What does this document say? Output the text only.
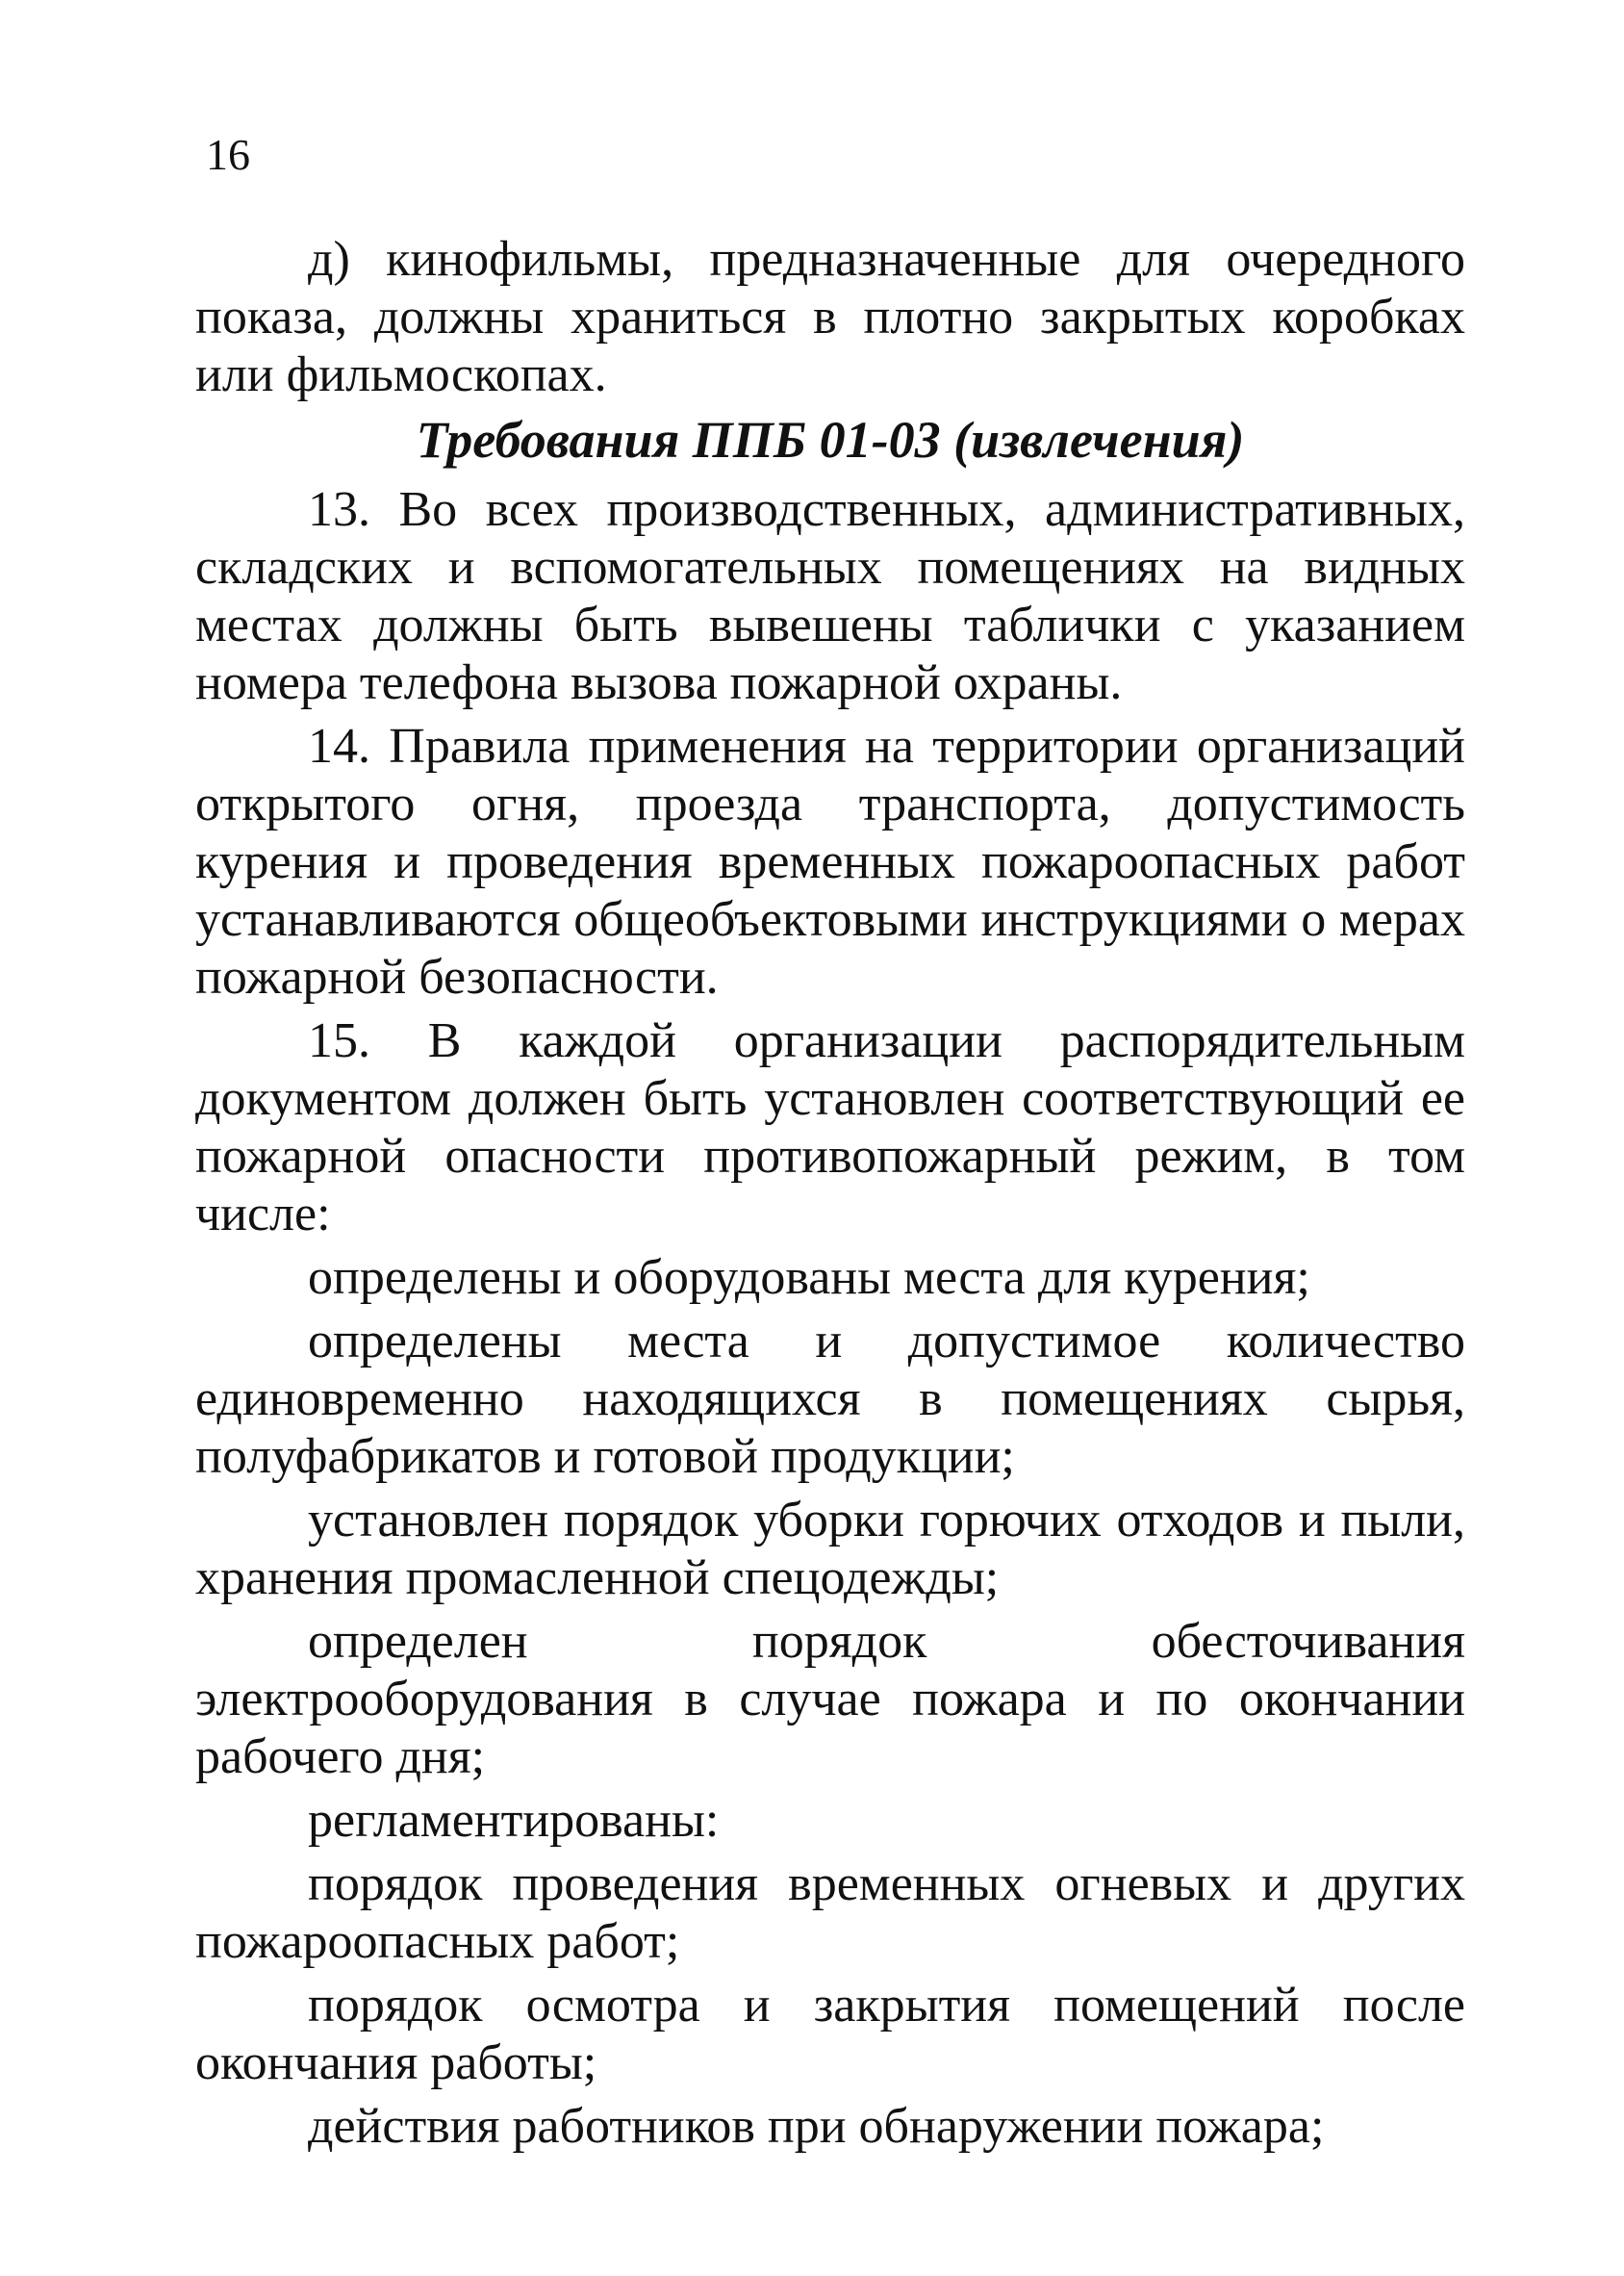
16

д) кинофильмы, предназначенные для очередного показа, должны храниться в плотно закрытых коробках или фильмоскопах.

Требования ППБ 01-03 (извлечения)

13. Во всех производственных, административных, складских и вспомогательных помещениях на видных местах должны быть вывешены таблички с указанием номера телефона вызова пожарной охраны.

14. Правила применения на территории организаций открытого огня, проезда транспорта, допустимость курения и проведения временных пожароопасных работ устанавливаются общеобъектовыми инструкциями о мерах пожарной безопасности.

15. В каждой организации распорядительным документом должен быть установлен соответствующий ее пожарной опасности противопожарный режим, в том числе:

определены и оборудованы места для курения;

определены места и допустимое количество единовременно находящихся в помещениях сырья, полуфабрикатов и готовой продукции;

установлен порядок уборки горючих отходов и пыли, хранения промасленной спецодежды;

определен порядок обесточивания электрооборудования в случае пожара и по окончании рабочего дня;

регламентированы:

порядок проведения временных огневых и других пожароопасных работ;

порядок осмотра и закрытия помещений после окончания работы;

действия работников при обнаружении пожара;
